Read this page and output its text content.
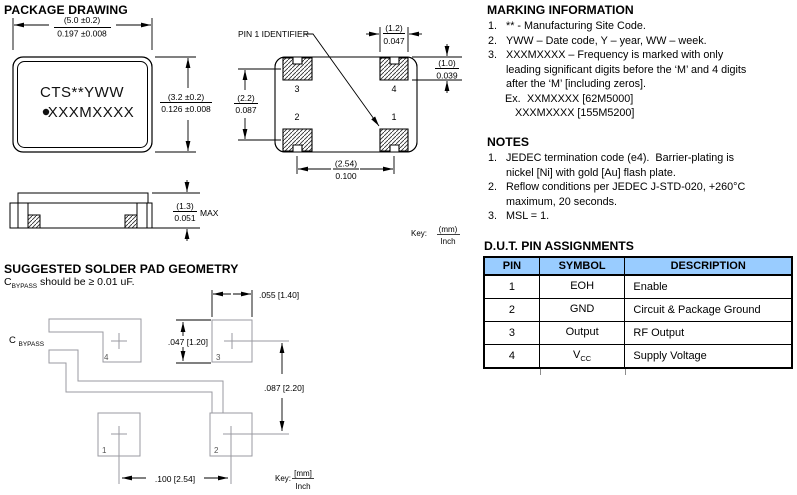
PACKAGE DRAWING
SUGGESTED SOLDER PAD GEOMETRY
$C_{BYPASS}$ should be ≥ 0.01 uF.
C $_{BYPASS}$
CTS**YWW
XXXMXXXX
(5.0 ±0.2)
0.197 ±0.008
(3.2 ±0.2)
0.126 ±0.008
(1.3)
0.051 MAX
3	4
2	1
PIN 1 IDENTIFIER
(1.2)
0.047
(1.0)
0.039
(2.2)
0.087
(2.54)
0.100
Key: (mm)
Inch
4	3
1	2
.055 [1.40]
.047 [1.20]
.087 [2.20]
.100 [2.54]	Key:
[mm]
Inch
MARKING INFORMATION
1. ** - Manufacturing Site Code.
2. YWW – Date code, Y – year, WW – week.
3. XXXMXXXX – Frequency is marked with only
leading significant digits before the ‘M’ and 4 digits
after the ‘M’ [including zeros].
Ex. XXMXXXX [62M5000]
XXXMXXXX [155M5200]
NOTES
1. JEDEC termination code (e4).  Barrier-plating is
nickel [Ni] with gold [Au] flash plate.
2. Reflow conditions per JEDEC J-STD-020, +260°C
maximum, 20 seconds.
3. MSL = 1.
D.U.T. PIN ASSIGNMENTS
PIN	SYMBOL	DESCRIPTION
1	EOH	Enable
2	GND	Circuit & Package Ground
3	Output	RF Output
4	$V_{CC}$	Supply Voltage
